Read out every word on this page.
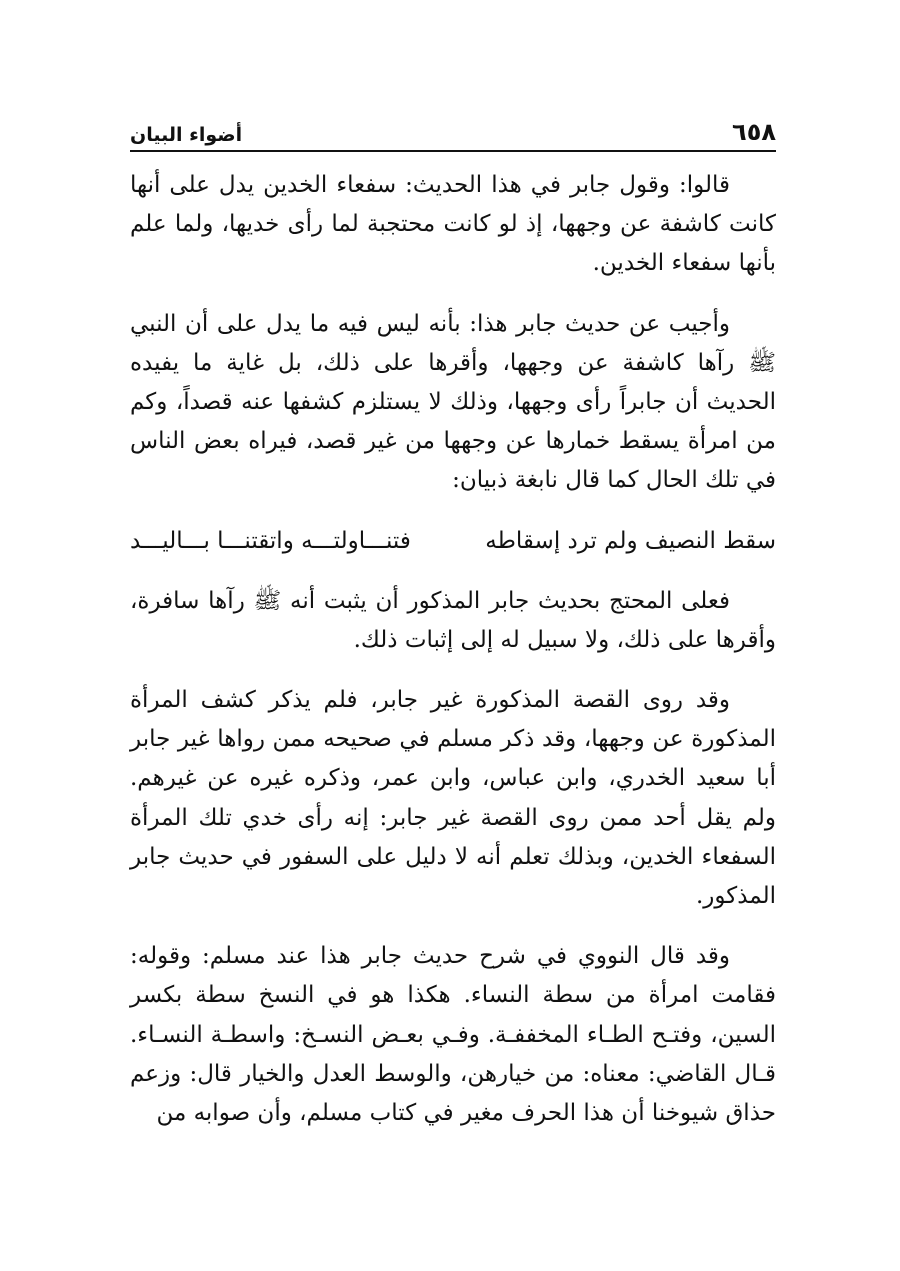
٦٥٨
أضواء البيان

قالوا: وقول جابر في هذا الحديث: سفعاء الخدين يدل على أنها كانت كاشفة عن وجهها، إذ لو كانت محتجبة لما رأى خديها، ولما علم بأنها سفعاء الخدين.

وأجيب عن حديث جابر هذا: بأنه ليس فيه ما يدل على أن النبي ﷺ رآها كاشفة عن وجهها، وأقرها على ذلك، بل غاية ما يفيده الحديث أن جابراً رأى وجهها، وذلك لا يستلزم كشفها عنه قصداً، وكم من امرأة يسقط خمارها عن وجهها من غير قصد، فيراه بعض الناس في تلك الحال كما قال نابغة ذبيان:

سقط النصيف ولم ترد إسقاطه
فتنـــاولتـــه واتقتنـــا بـــاليـــد

فعلى المحتج بحديث جابر المذكور أن يثبت أنه ﷺ رآها سافرة، وأقرها على ذلك، ولا سبيل له إلى إثبات ذلك.

وقد روى القصة المذكورة غير جابر، فلم يذكر كشف المرأة المذكورة عن وجهها، وقد ذكر مسلم في صحيحه ممن رواها غير جابر أبا سعيد الخدري، وابن عباس، وابن عمر، وذكره غيره عن غيرهم. ولم يقل أحد ممن روى القصة غير جابر: إنه رأى خدي تلك المرأة السفعاء الخدين، وبذلك تعلم أنه لا دليل على السفور في حديث جابر المذكور.

وقد قال النووي في شرح حديث جابر هذا عند مسلم: وقوله: فقامت امرأة من سطة النساء. هكذا هو في النسخ سطة بكسر السين، وفتـح الطـاء المخففـة. وفـي بعـض النسـخ: واسطـة النسـاء. قـال القاضي: معناه: من خيارهن، والوسط العدل والخيار قال: وزعم حذاق شيوخنا أن هذا الحرف مغير في كتاب مسلم، وأن صوابه من
